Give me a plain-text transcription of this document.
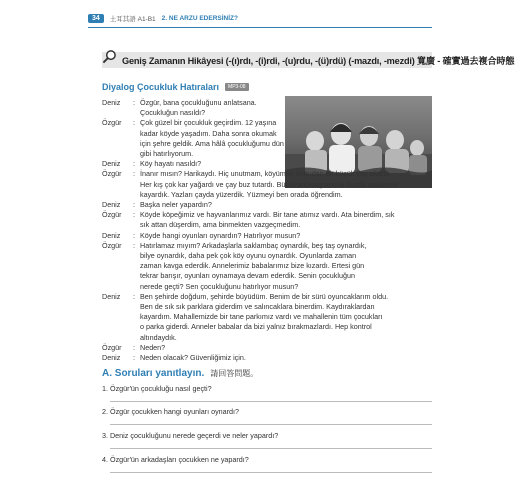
34	土耳其語 A1-B1 2. NE ARZU EDERSİNİZ?
Geniş Zamanın Hikâyesi (-(ı)rdı, -(i)rdi, -(u)rdu, -(ü)rdü) (-mazdı, -mezdi) 寬廣 - 確實過去複合時態
Diyalog Çocukluk Hatıraları	MP3-08
Deniz	: Özgür, bana çocukluğunu anlatsana.
Çocukluğun nasıldı?
Özgür	: Çok güzel bir çocukluk geçirdim. 12 yaşına
kadar köyde yaşadım. Daha sonra okumak
için şehre geldik. Ama hâlâ çocukluğumu dün
gibi hatırlıyorum.
Deniz	: Köy hayatı nasıldı?
Özgür	: İnanır mısın? Harikaydı. Hiç unutmam, köyümün önünden bir küçük çay akardı.
Her kış çok kar yağardı ve çay buz tutardı. Bütün arkadaşlarımla buzda saatlerce
kayardık. Yazları çayda yüzerdik. Yüzmeyi ben orada öğrendim.
Deniz	: Başka neler yapardın?
Özgür	: Köyde köpeğimiz ve hayvanlarımız vardı. Bir tane atımız vardı. Ata binerdim, sık
sık attan düşerdim, ama binmekten vazgeçmedim.
Deniz	: Köyde hangi oyunları oynardın? Hatırlıyor musun?
Özgür	: Hatırlamaz mıyım? Arkadaşlarla saklambaç oynardık, beş taş oynardık,
bilye oynardık, daha pek çok köy oyunu oynardık. Oyunlarda zaman
zaman kavga ederdik. Annelerimiz babalarımız bize kızardı. Ertesi gün
tekrar barışır, oyunları oynamaya devam ederdik. Senin çocukluğun
nerede geçti? Sen çocukluğunu hatırlıyor musun?
Deniz	: Ben şehirde doğdum, şehirde büyüdüm. Benim de bir sürü oyuncaklarım oldu.
Ben de sık sık parklara giderdim ve salıncaklara binerdim. Kaydıraklardan
kayardım. Mahallemizde bir tane parkımız vardı ve mahallenin tüm çocukları
o parka giderdi. Anneler babalar da bizi yalnız bırakmazlardı. Hep kontrol
altındaydık.
Özgür	: Neden?
Deniz	: Neden olacak? Güvenliğimiz için.
A. Soruları yanıtlayın. 請回答問題。
1. Özgür'ün çocukluğu nasıl geçti?
2. Özgür çocukken hangi oyunları oynardı?
3. Deniz çocukluğunu nerede geçerdi ve neler yapardı?
4. Özgür'ün arkadaşları çocukken ne yapardı?
